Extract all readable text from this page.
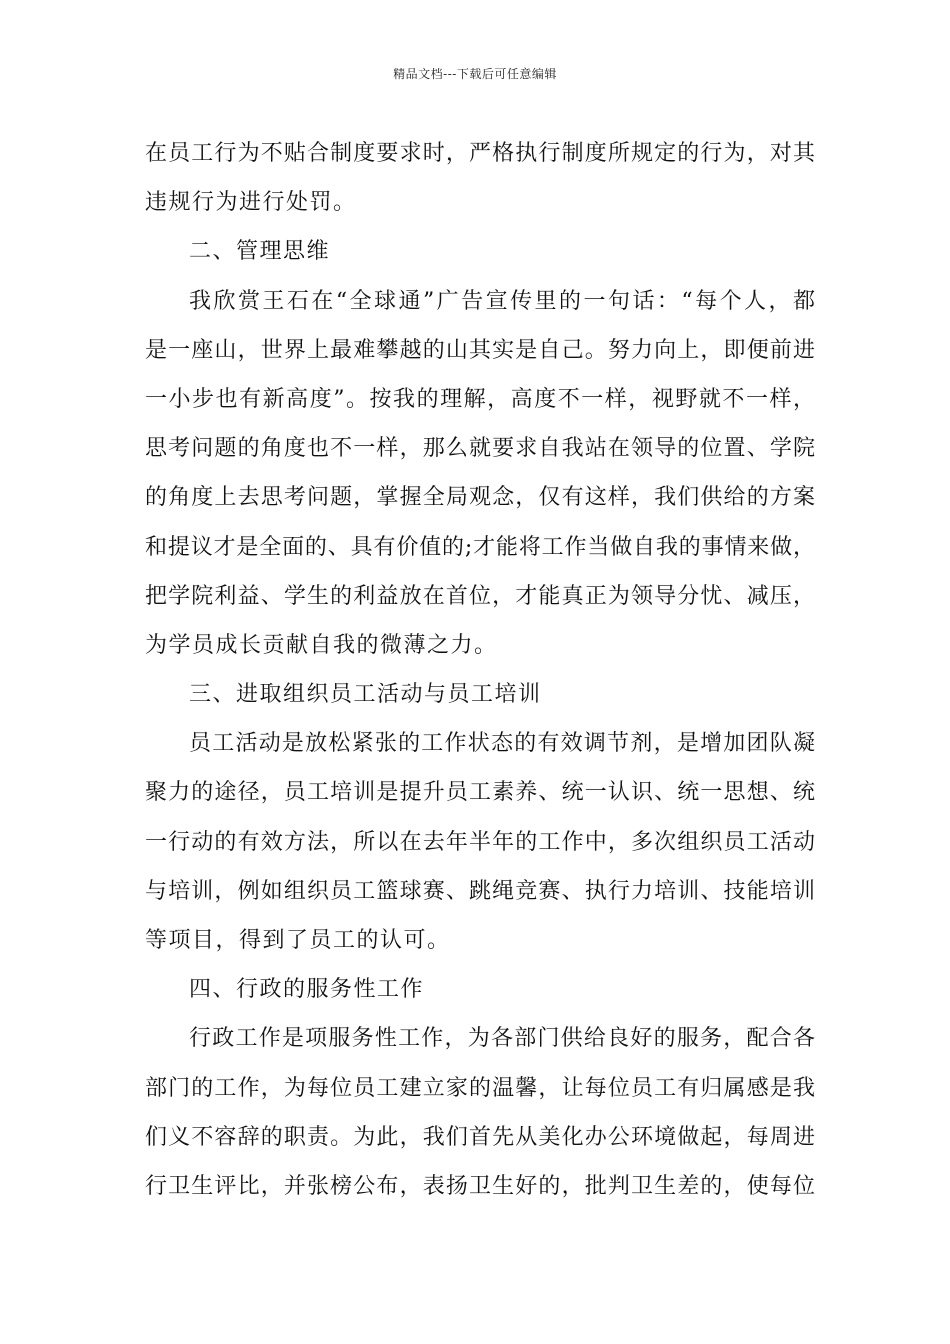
精品文档---下载后可任意编辑
在员工行为不贴合制度要求时，严格执行制度所规定的行为，对其
违规行为进行处罚。
二、管理思维
我欣赏王石在“全球通”广告宣传里的一句话：“每个人，都
是一座山，世界上最难攀越的山其实是自己。努力向上，即便前进
一小步也有新高度”。按我的理解，高度不一样，视野就不一样，
思考问题的角度也不一样，那么就要求自我站在领导的位置、学院
的角度上去思考问题，掌握全局观念，仅有这样，我们供给的方案
和提议才是全面的、具有价值的;才能将工作当做自我的事情来做，
把学院利益、学生的利益放在首位，才能真正为领导分忧、减压，
为学员成长贡献自我的微薄之力。
三、进取组织员工活动与员工培训
员工活动是放松紧张的工作状态的有效调节剂，是增加团队凝
聚力的途径，员工培训是提升员工素养、统一认识、统一思想、统
一行动的有效方法，所以在去年半年的工作中，多次组织员工活动
与培训，例如组织员工篮球赛、跳绳竞赛、执行力培训、技能培训
等项目，得到了员工的认可。
四、行政的服务性工作
行政工作是项服务性工作，为各部门供给良好的服务，配合各
部门的工作，为每位员工建立家的温馨，让每位员工有归属感是我
们义不容辞的职责。为此，我们首先从美化办公环境做起，每周进
行卫生评比，并张榜公布，表扬卫生好的，批判卫生差的，使每位
